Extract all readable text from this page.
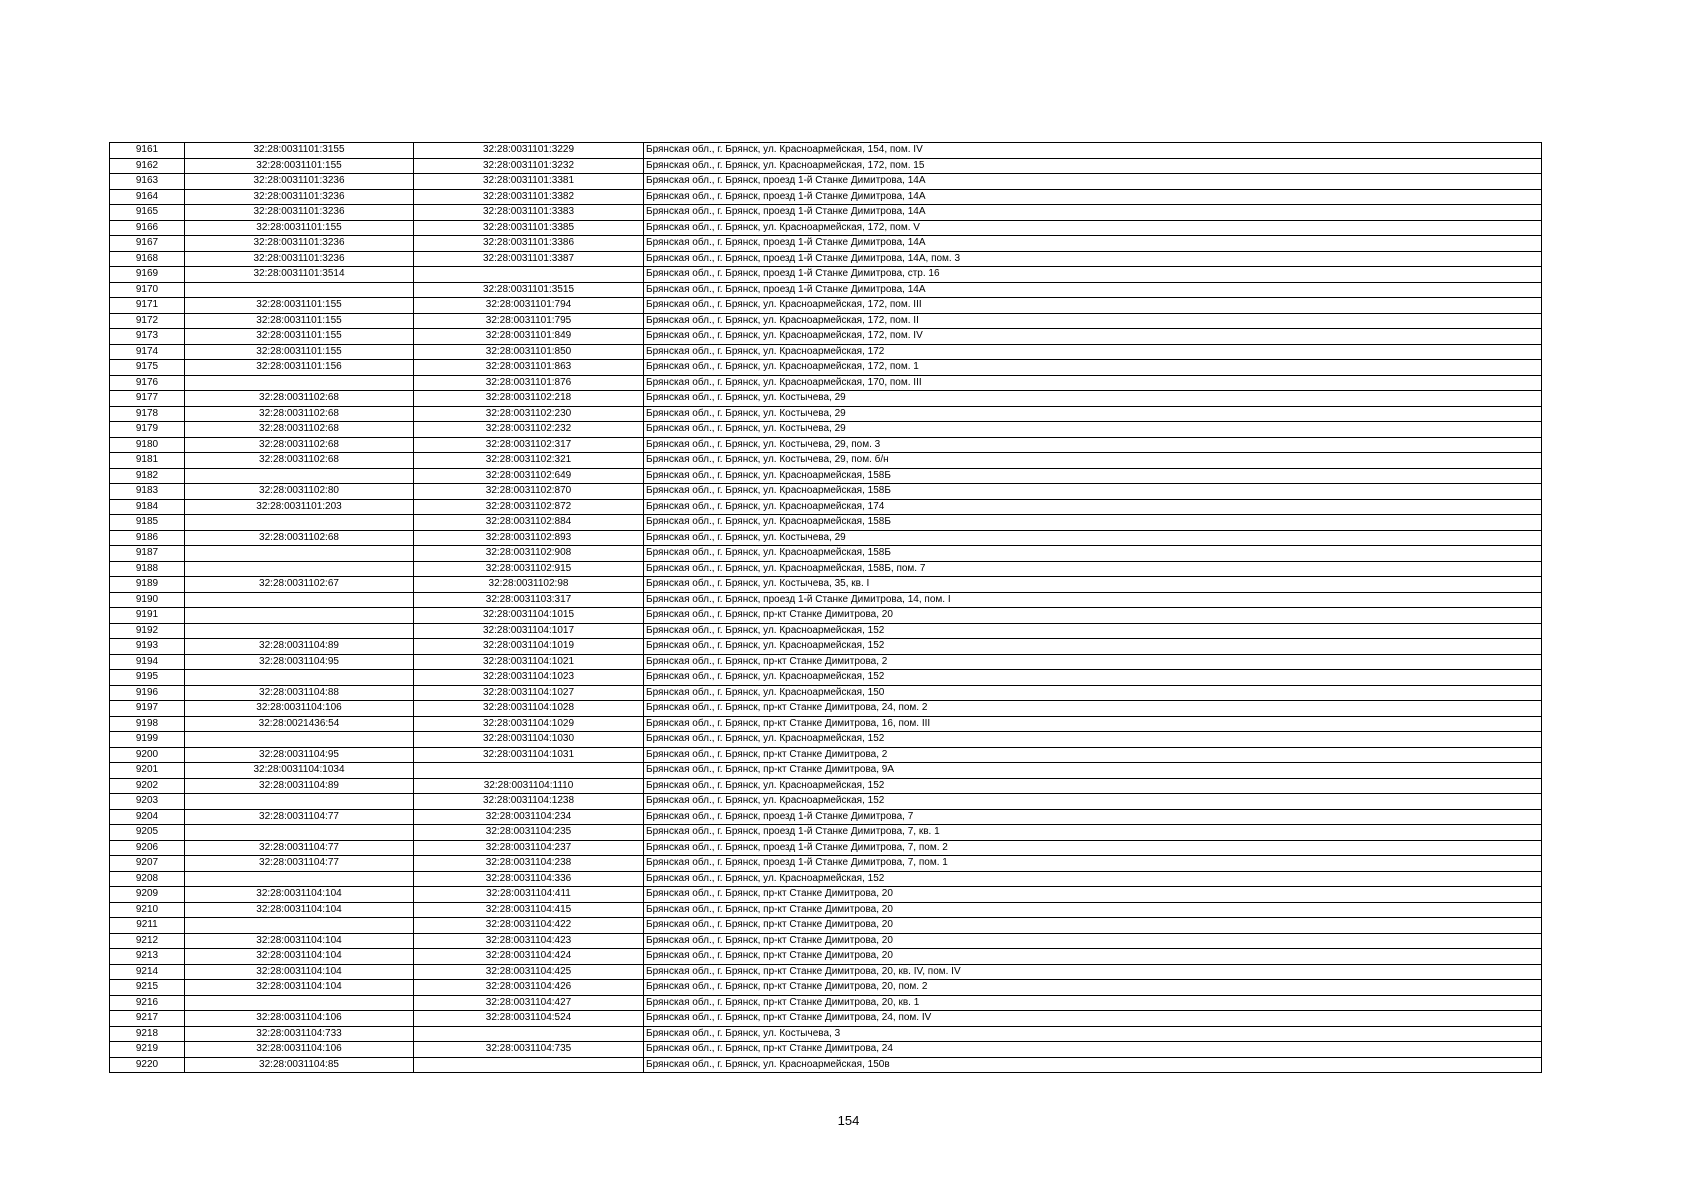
9161	32:28:0031101:3155	32:28:0031101:3229	Брянская обл., г. Брянск, ул. Красноармейская, 154, пом. IV
9162	32:28:0031101:155	32:28:0031101:3232	Брянская обл., г. Брянск, ул. Красноармейская, 172, пом. 15
9163	32:28:0031101:3236	32:28:0031101:3381	Брянская обл., г. Брянск, проезд 1-й Станке Димитрова, 14А
9164	32:28:0031101:3236	32:28:0031101:3382	Брянская обл., г. Брянск, проезд 1-й Станке Димитрова, 14А
9165	32:28:0031101:3236	32:28:0031101:3383	Брянская обл., г. Брянск, проезд 1-й Станке Димитрова, 14А
9166	32:28:0031101:155	32:28:0031101:3385	Брянская обл., г. Брянск, ул. Красноармейская, 172, пом. V
9167	32:28:0031101:3236	32:28:0031101:3386	Брянская обл., г. Брянск, проезд 1-й Станке Димитрова, 14А
9168	32:28:0031101:3236	32:28:0031101:3387	Брянская обл., г. Брянск, проезд 1-й Станке Димитрова, 14А, пом. 3
9169	32:28:0031101:3514		Брянская обл., г. Брянск, проезд 1-й Станке Димитрова, стр. 16
9170		32:28:0031101:3515	Брянская обл., г. Брянск, проезд 1-й Станке Димитрова, 14А
9171	32:28:0031101:155	32:28:0031101:794	Брянская обл., г. Брянск, ул. Красноармейская, 172, пом. III
9172	32:28:0031101:155	32:28:0031101:795	Брянская обл., г. Брянск, ул. Красноармейская, 172, пом. II
9173	32:28:0031101:155	32:28:0031101:849	Брянская обл., г. Брянск, ул. Красноармейская, 172, пом. IV
9174	32:28:0031101:155	32:28:0031101:850	Брянская обл., г. Брянск, ул. Красноармейская, 172
9175	32:28:0031101:156	32:28:0031101:863	Брянская обл., г. Брянск, ул. Красноармейская, 172, пом. 1
9176		32:28:0031101:876	Брянская обл., г. Брянск, ул. Красноармейская, 170, пом. III
9177	32:28:0031102:68	32:28:0031102:218	Брянская обл., г. Брянск, ул. Костычева, 29
9178	32:28:0031102:68	32:28:0031102:230	Брянская обл., г. Брянск, ул. Костычева, 29
9179	32:28:0031102:68	32:28:0031102:232	Брянская обл., г. Брянск, ул. Костычева, 29
9180	32:28:0031102:68	32:28:0031102:317	Брянская обл., г. Брянск, ул. Костычева, 29, пом. 3
9181	32:28:0031102:68	32:28:0031102:321	Брянская обл., г. Брянск, ул. Костычева, 29, пом. б/н
9182		32:28:0031102:649	Брянская обл., г. Брянск, ул. Красноармейская, 158Б
9183	32:28:0031102:80	32:28:0031102:870	Брянская обл., г. Брянск, ул. Красноармейская, 158Б
9184	32:28:0031101:203	32:28:0031102:872	Брянская обл., г. Брянск, ул. Красноармейская, 174
9185		32:28:0031102:884	Брянская обл., г. Брянск, ул. Красноармейская, 158Б
9186	32:28:0031102:68	32:28:0031102:893	Брянская обл., г. Брянск, ул. Костычева, 29
9187		32:28:0031102:908	Брянская обл., г. Брянск, ул. Красноармейская, 158Б
9188		32:28:0031102:915	Брянская обл., г. Брянск, ул. Красноармейская, 158Б, пом. 7
9189	32:28:0031102:67	32:28:0031102:98	Брянская обл., г. Брянск, ул. Костычева, 35, кв. I
9190		32:28:0031103:317	Брянская обл., г. Брянск, проезд 1-й Станке Димитрова, 14, пом. I
9191		32:28:0031104:1015	Брянская обл., г. Брянск, пр-кт Станке Димитрова, 20
9192		32:28:0031104:1017	Брянская обл., г. Брянск, ул. Красноармейская, 152
9193	32:28:0031104:89	32:28:0031104:1019	Брянская обл., г. Брянск, ул. Красноармейская, 152
9194	32:28:0031104:95	32:28:0031104:1021	Брянская обл., г. Брянск, пр-кт Станке Димитрова, 2
9195		32:28:0031104:1023	Брянская обл., г. Брянск, ул. Красноармейская, 152
9196	32:28:0031104:88	32:28:0031104:1027	Брянская обл., г. Брянск, ул. Красноармейская, 150
9197	32:28:0031104:106	32:28:0031104:1028	Брянская обл., г. Брянск, пр-кт Станке Димитрова, 24, пом. 2
9198	32:28:0021436:54	32:28:0031104:1029	Брянская обл., г. Брянск, пр-кт Станке Димитрова, 16, пом. III
9199		32:28:0031104:1030	Брянская обл., г. Брянск, ул. Красноармейская, 152
9200	32:28:0031104:95	32:28:0031104:1031	Брянская обл., г. Брянск, пр-кт Станке Димитрова, 2
9201	32:28:0031104:1034		Брянская обл., г. Брянск, пр-кт Станке Димитрова, 9А
9202	32:28:0031104:89	32:28:0031104:1110	Брянская обл., г. Брянск, ул. Красноармейская, 152
9203		32:28:0031104:1238	Брянская обл., г. Брянск, ул. Красноармейская, 152
9204	32:28:0031104:77	32:28:0031104:234	Брянская обл., г. Брянск, проезд 1-й Станке Димитрова, 7
9205		32:28:0031104:235	Брянская обл., г. Брянск, проезд 1-й Станке Димитрова, 7, кв. 1
9206	32:28:0031104:77	32:28:0031104:237	Брянская обл., г. Брянск, проезд 1-й Станке Димитрова, 7, пом. 2
9207	32:28:0031104:77	32:28:0031104:238	Брянская обл., г. Брянск, проезд 1-й Станке Димитрова, 7, пом. 1
9208		32:28:0031104:336	Брянская обл., г. Брянск, ул. Красноармейская, 152
9209	32:28:0031104:104	32:28:0031104:411	Брянская обл., г. Брянск, пр-кт Станке Димитрова, 20
9210	32:28:0031104:104	32:28:0031104:415	Брянская обл., г. Брянск, пр-кт Станке Димитрова, 20
9211		32:28:0031104:422	Брянская обл., г. Брянск, пр-кт Станке Димитрова, 20
9212	32:28:0031104:104	32:28:0031104:423	Брянская обл., г. Брянск, пр-кт Станке Димитрова, 20
9213	32:28:0031104:104	32:28:0031104:424	Брянская обл., г. Брянск, пр-кт Станке Димитрова, 20
9214	32:28:0031104:104	32:28:0031104:425	Брянская обл., г. Брянск, пр-кт Станке Димитрова, 20, кв. IV, пом. IV
9215	32:28:0031104:104	32:28:0031104:426	Брянская обл., г. Брянск, пр-кт Станке Димитрова, 20, пом. 2
9216		32:28:0031104:427	Брянская обл., г. Брянск, пр-кт Станке Димитрова, 20, кв. 1
9217	32:28:0031104:106	32:28:0031104:524	Брянская обл., г. Брянск, пр-кт Станке Димитрова, 24, пом. IV
9218	32:28:0031104:733		Брянская обл., г. Брянск, ул. Костычева, 3
9219	32:28:0031104:106	32:28:0031104:735	Брянская обл., г. Брянск, пр-кт Станке Димитрова, 24
9220	32:28:0031104:85		Брянская обл., г. Брянск, ул. Красноармейская, 150в
154
